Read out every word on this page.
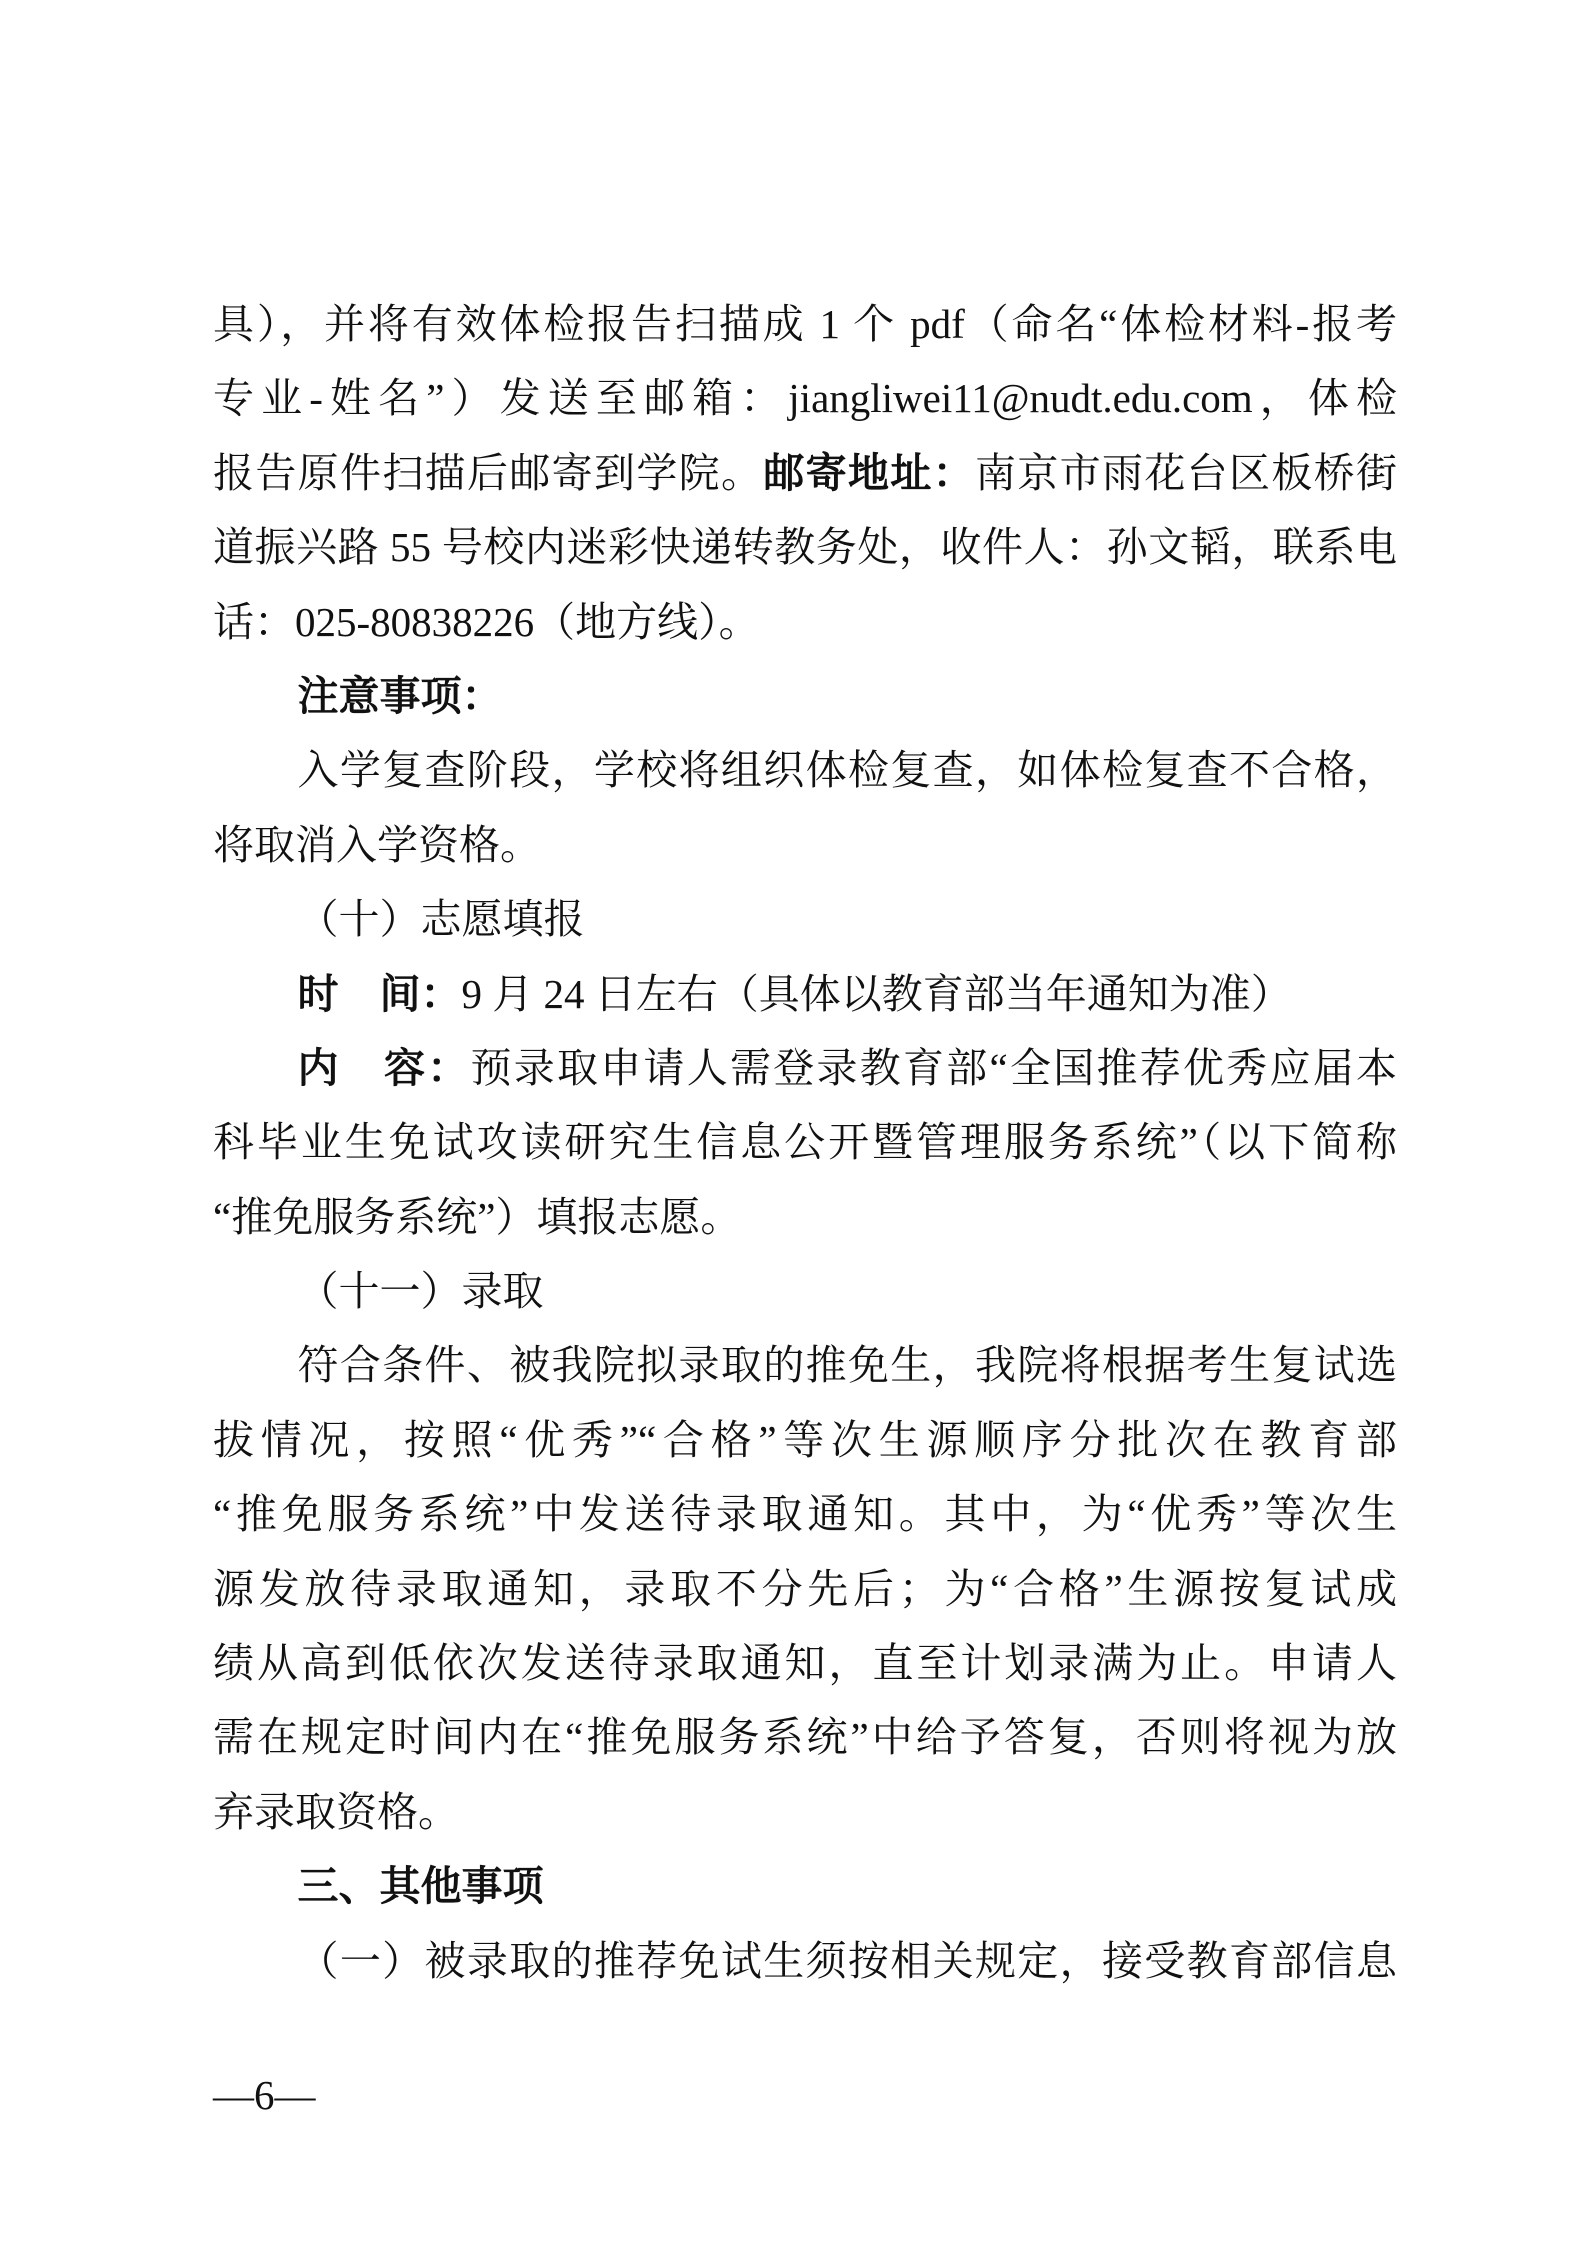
具），并将有效体检报告扫描成 1 个 pdf（命名“体检材料-报考
专业-姓名”）发送至邮箱：jiangliwei11@nudt.edu.com，体检
报告原件扫描后邮寄到学院。邮寄地址：南京市雨花台区板桥街
道振兴路 55 号校内迷彩快递转教务处，收件人：孙文韬，联系电
话：025-80838226（地方线）。
注意事项：
入学复查阶段，学校将组织体检复查，如体检复查不合格，
将取消入学资格。
（十）志愿填报
时　间：9 月 24 日左右（具体以教育部当年通知为准）
内　容：预录取申请人需登录教育部“全国推荐优秀应届本
科毕业生免试攻读研究生信息公开暨管理服务系统”（以下简称
“推免服务系统”）填报志愿。
（十一）录取
符合条件、被我院拟录取的推免生，我院将根据考生复试选
拔情况，按照“优秀”“合格”等次生源顺序分批次在教育部
“推免服务系统”中发送待录取通知。其中，为“优秀”等次生
源发放待录取通知，录取不分先后；为“合格”生源按复试成
绩从高到低依次发送待录取通知，直至计划录满为止。申请人
需在规定时间内在“推免服务系统”中给予答复，否则将视为放
弃录取资格。
三、其他事项
（一）被录取的推荐免试生须按相关规定，接受教育部信息
—6—
